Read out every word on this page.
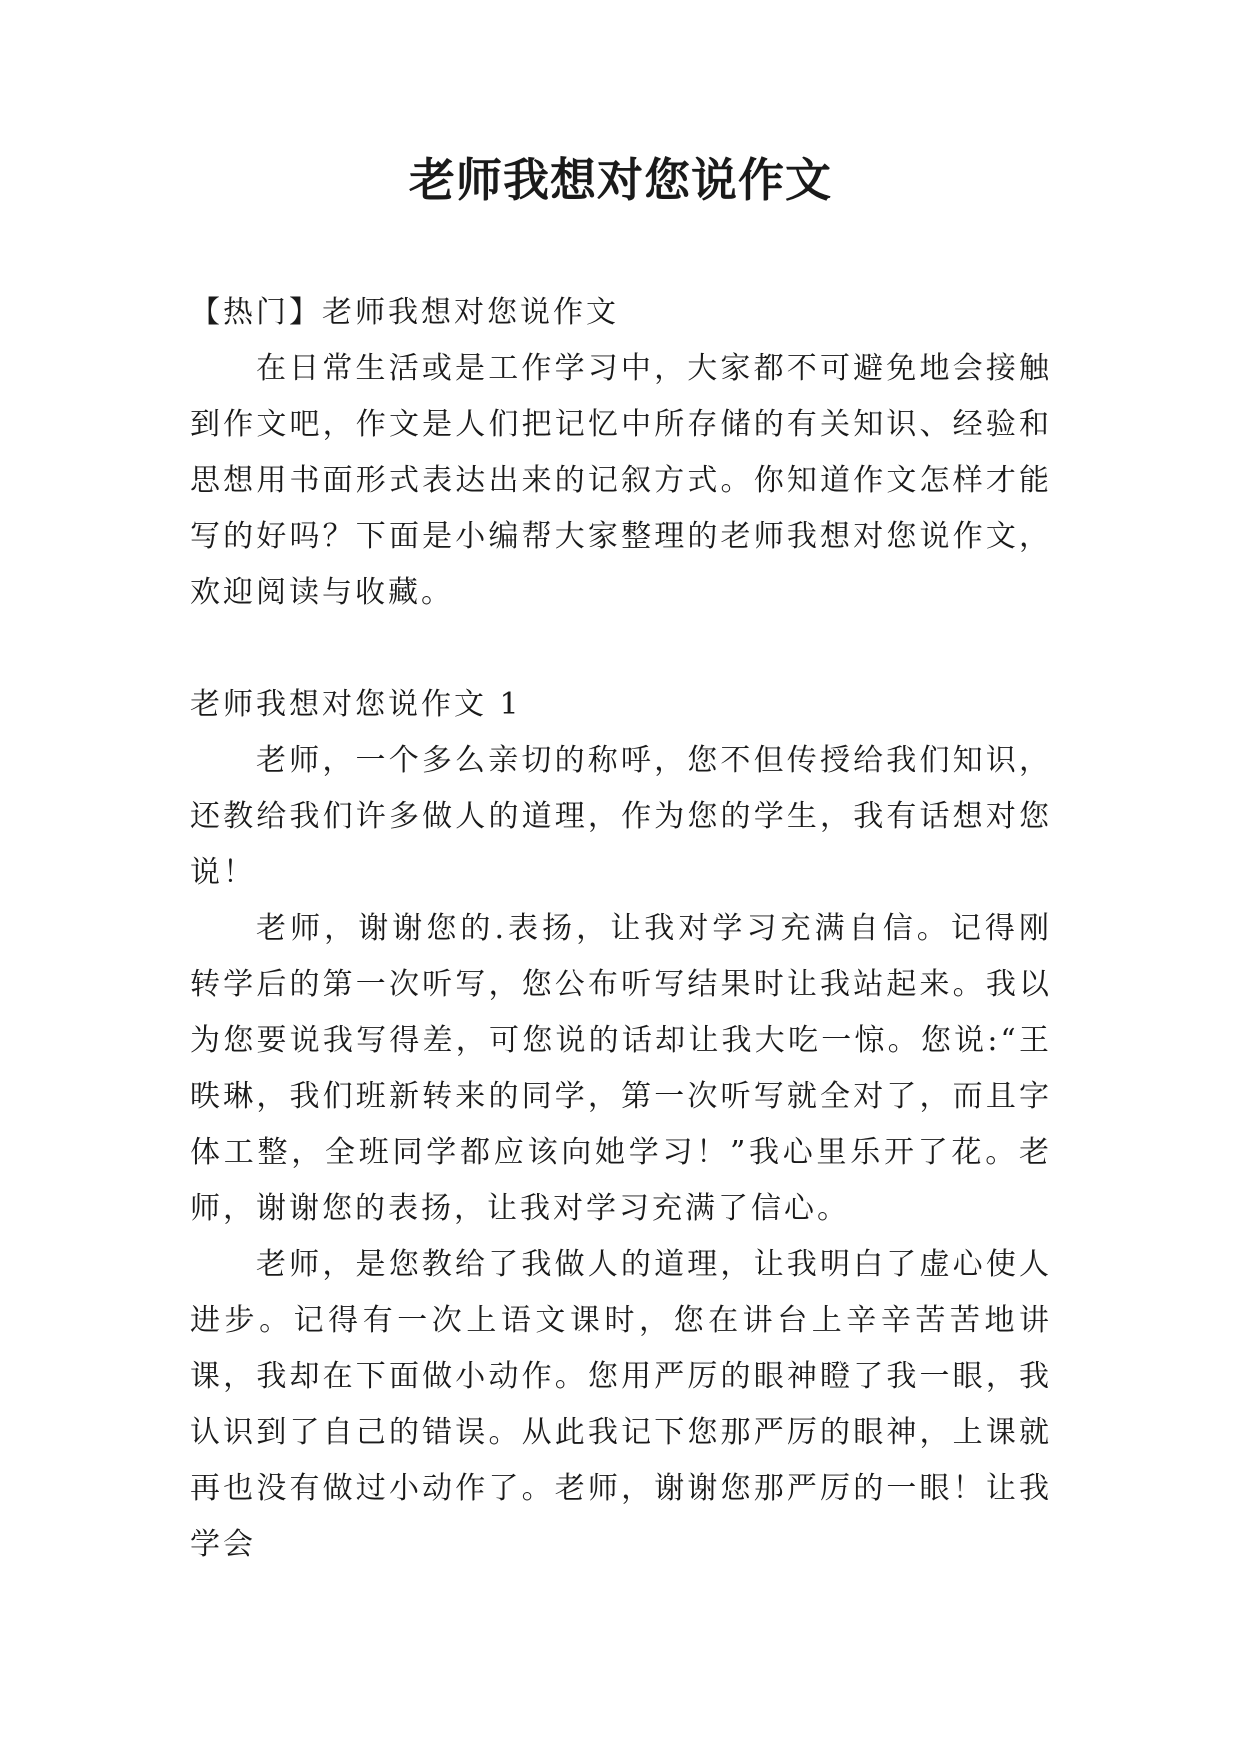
老师我想对您说作文

【热门】老师我想对您说作文

在日常生活或是工作学习中，大家都不可避免地会接触到作文吧，作文是人们把记忆中所存储的有关知识、经验和思想用书面形式表达出来的记叙方式。你知道作文怎样才能写的好吗？下面是小编帮大家整理的老师我想对您说作文，欢迎阅读与收藏。

老师我想对您说作文 1

老师，一个多么亲切的称呼，您不但传授给我们知识，还教给我们许多做人的道理，作为您的学生，我有话想对您说！

老师，谢谢您的.表扬，让我对学习充满自信。记得刚转学后的第一次听写，您公布听写结果时让我站起来。我以为您要说我写得差，可您说的话却让我大吃一惊。您说:“王昳琳，我们班新转来的同学，第一次听写就全对了，而且字体工整，全班同学都应该向她学习！”我心里乐开了花。老师，谢谢您的表扬，让我对学习充满了信心。

老师，是您教给了我做人的道理，让我明白了虚心使人进步。记得有一次上语文课时，您在讲台上辛辛苦苦地讲课，我却在下面做小动作。您用严厉的眼神瞪了我一眼，我认识到了自己的错误。从此我记下您那严厉的眼神，上课就再也没有做过小动作了。老师，谢谢您那严厉的一眼！让我学会
